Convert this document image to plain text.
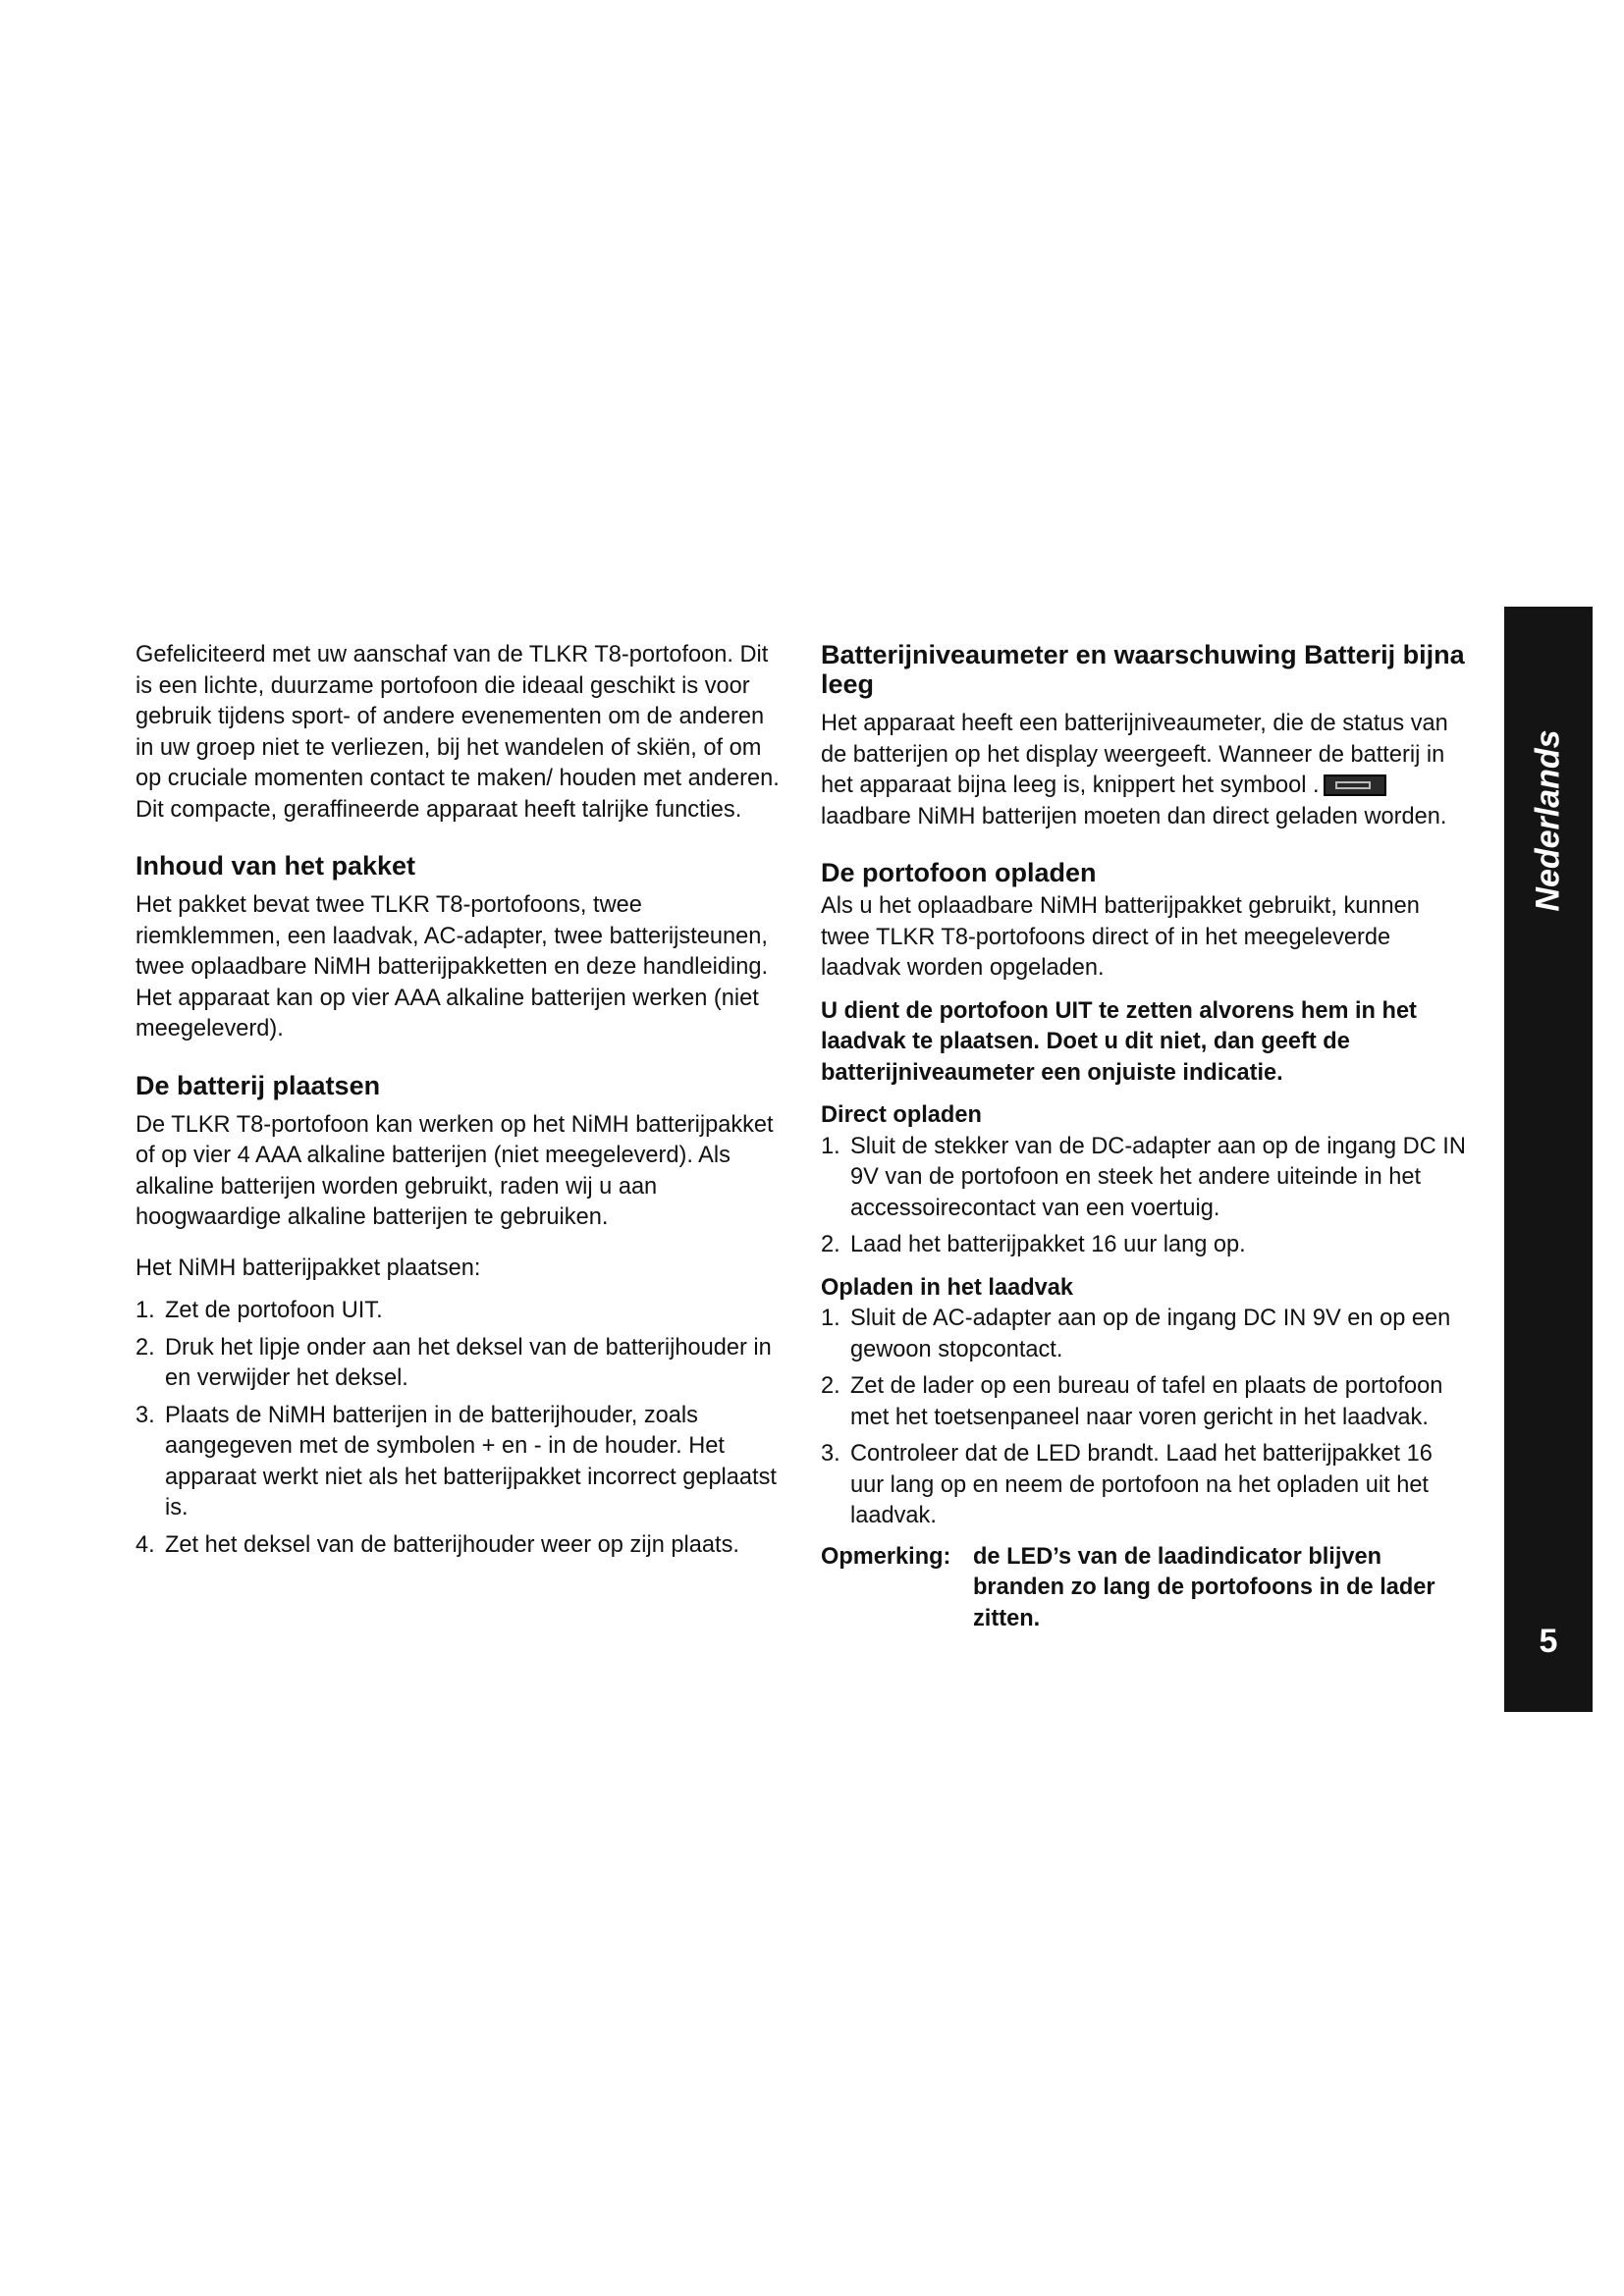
Gefeliciteerd met uw aanschaf van de TLKR T8-portofoon. Dit is een lichte, duurzame portofoon die ideaal geschikt is voor gebruik tijdens sport- of andere evenementen om de anderen in uw groep niet te verliezen, bij het wandelen of skiën, of om op cruciale momenten contact te maken/ houden met anderen. Dit compacte, geraffineerde apparaat heeft talrijke functies.

Inhoud van het pakket

Het pakket bevat twee TLKR T8-portofoons, twee riemklemmen, een laadvak, AC-adapter, twee batterijsteunen, twee oplaadbare NiMH batterijpakketten en deze handleiding. Het apparaat kan op vier AAA alkaline batterijen werken (niet meegeleverd).

De batterij plaatsen

De TLKR T8-portofoon kan werken op het NiMH batterijpakket of op vier 4 AAA alkaline batterijen (niet meegeleverd). Als alkaline batterijen worden gebruikt, raden wij u aan hoogwaardige alkaline batterijen te gebruiken.

Het NiMH batterijpakket plaatsen:

1. Zet de portofoon UIT.
2. Druk het lipje onder aan het deksel van de batterijhouder in en verwijder het deksel.
3. Plaats de NiMH batterijen in de batterijhouder, zoals aangegeven met de symbolen + en - in de houder. Het apparaat werkt niet als het batterijpakket incorrect geplaatst is.
4. Zet het deksel van de batterijhouder weer op zijn plaats.
Batterijniveaumeter en waarschuwing Batterij bijna leeg

Het apparaat heeft een batterijniveaumeter, die de status van de batterijen op het display weergeeft. Wanneer de batterij in het apparaat bijna leeg is, knippert het symbool .laadbare NiMH batterijen moeten dan direct geladen worden.

De portofoon opladen

Als u het oplaadbare NiMH batterijpakket gebruikt, kunnen twee TLKR T8-portofoons direct of in het meegeleverde laadvak worden opgeladen.

U dient de portofoon UIT te zetten alvorens hem in het laadvak te plaatsen. Doet u dit niet, dan geeft de batterijniveaumeter een onjuiste indicatie.

Direct opladen
1. Sluit de stekker van de DC-adapter aan op de ingang DC IN 9V van de portofoon en steek het andere uiteinde in het accessoirecontact van een voertuig.
2. Laad het batterijpakket 16 uur lang op.
Opladen in het laadvak
1. Sluit de AC-adapter aan op de ingang DC IN 9V en op een gewoon stopcontact.
2. Zet de lader op een bureau of tafel en plaats de portofoon met het toetsenpaneel naar voren gericht in het laadvak.
3. Controleer dat de LED brandt. Laad het batterijpakket 16 uur lang op en neem de portofoon na het opladen uit het laadvak.
Opmerking: de LED’s van de laadindicator blijven branden zo lang de portofoons in de lader zitten.
Nederlands
5
